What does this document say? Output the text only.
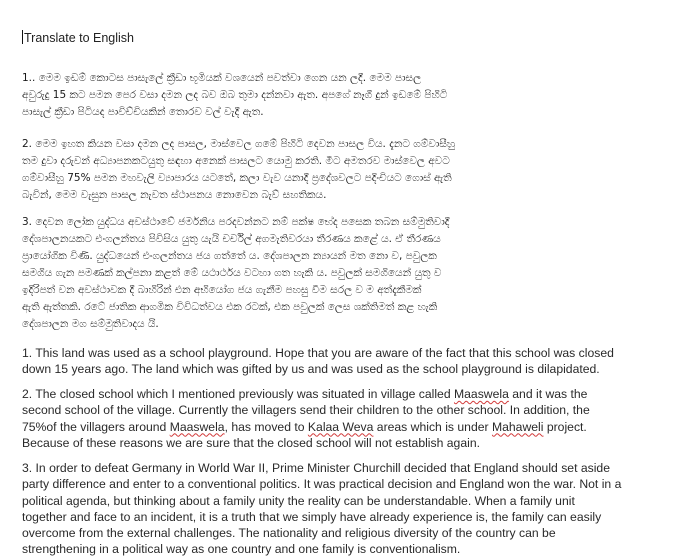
Translate to English
1.. මෙම ඉඩම් කොටස පාසැලේ ක්‍රීඩා භූමියක් වශයෙන් පවත්වා ගෙන යන ලදී. මෙම පාසල
අවුරුදු 15 කට පමන පෙර වසා දමන ලද බව ඔබ තුමා දන්නවා ඇත. අපගේ නෑගී දුන් ඉඩමේ පිහිටි
පාසැල් ක්‍රීඩා පිටියද පාවිච්චියකින් තොරව වල් වැදී ඇත.
2. මෙම ඉහත කියන වසා දමන ලද පාසල, මාස්වෙල ගමේ පිහිටි දෙවන පාසල විය. දැනට ගම්වාසීහු
තම දුවා දරුවන් අධ්‍යාපනකටයුතු සඳහා අනෙක් පාසලට යොමු කරති. මීට අමතරව මාස්වෙල අවට
ගම්වාසීහු 75% පමන මහවැලි ව්‍යාපාරය යටතේ, කලා වැව යනාදී ප්‍රදේශවලට පදිංචියට ගොස් ඇති
බැවින්, මෙම වැසුන පාසල නැවත ස්ථාපනය නොවෙන බැව් සහතිකය.
3. දෙවන ලෝක යුද්ධය අවස්ථාවේ ජර්මනිය පරදවන්නට නම් පක්ෂ භේද පසෙක තබන සම්මුතිවාදී
දේශපාලනයකට එංගලන්තය පිවිසිය යුතු යැයි චර්චිල් අගමැතිවරයා තීරණය කළේ ය. ඒ තීරණය
ප්‍රායෝගික විණි. යුද්ධයෙන් එංගලන්තය ජය ගත්තේ ය. දේශපාලන න්‍යායන් මත නො ව, පවුලක
සමගිය ගැන පමණක් කල්පනා කළත් මේ යථාර්ථය වටහා ගත හැකි ය. පවුලක් සමගියෙන් යුතු ව
ඉදිරිපත් වන අවස්ථාවක දී බාහිරින් එන අභියෝග ජය ගැනීම පහසු වීම සරල ව ම අත්දැකීමක්
ඇති ඇත්තකි. රටේ ජාතික ආගමික විවිධත්වය එක රටක්, එක පවුලක් ලෙස ශක්තිමත් කළ හැකි
දේශපාලන මග සම්මුතිවාදය යි.
1. This land was used as a school playground. Hope that you are aware of the fact that this school was closed
down 15 years ago. The land which was gifted by us and was used as the school playground is dilapidated.
2. The closed school which I mentioned previously was situated in village called Maaswela and it was the
second school of the village. Currently the villagers send their children to the other school. In addition, the
75%of the villagers around Maaswela, has moved to Kalaa Weva areas which is under Mahaweli project.
Because of these reasons we are sure that the closed school will not establish again.
3. In order to defeat Germany in World War II, Prime Minister Churchill decided that England should set aside
party difference and enter to a conventional politics. It was practical decision and England won the war. Not in a
political agenda, but thinking about a family unity the reality can be understandable. When a family unit
together and face to an incident, it is a truth that we simply have already experience is, the family can easily
overcome from the external challenges. The nationality and religious diversity of the country can be
strengthening in a political way as one country and one family is conventionalism.
